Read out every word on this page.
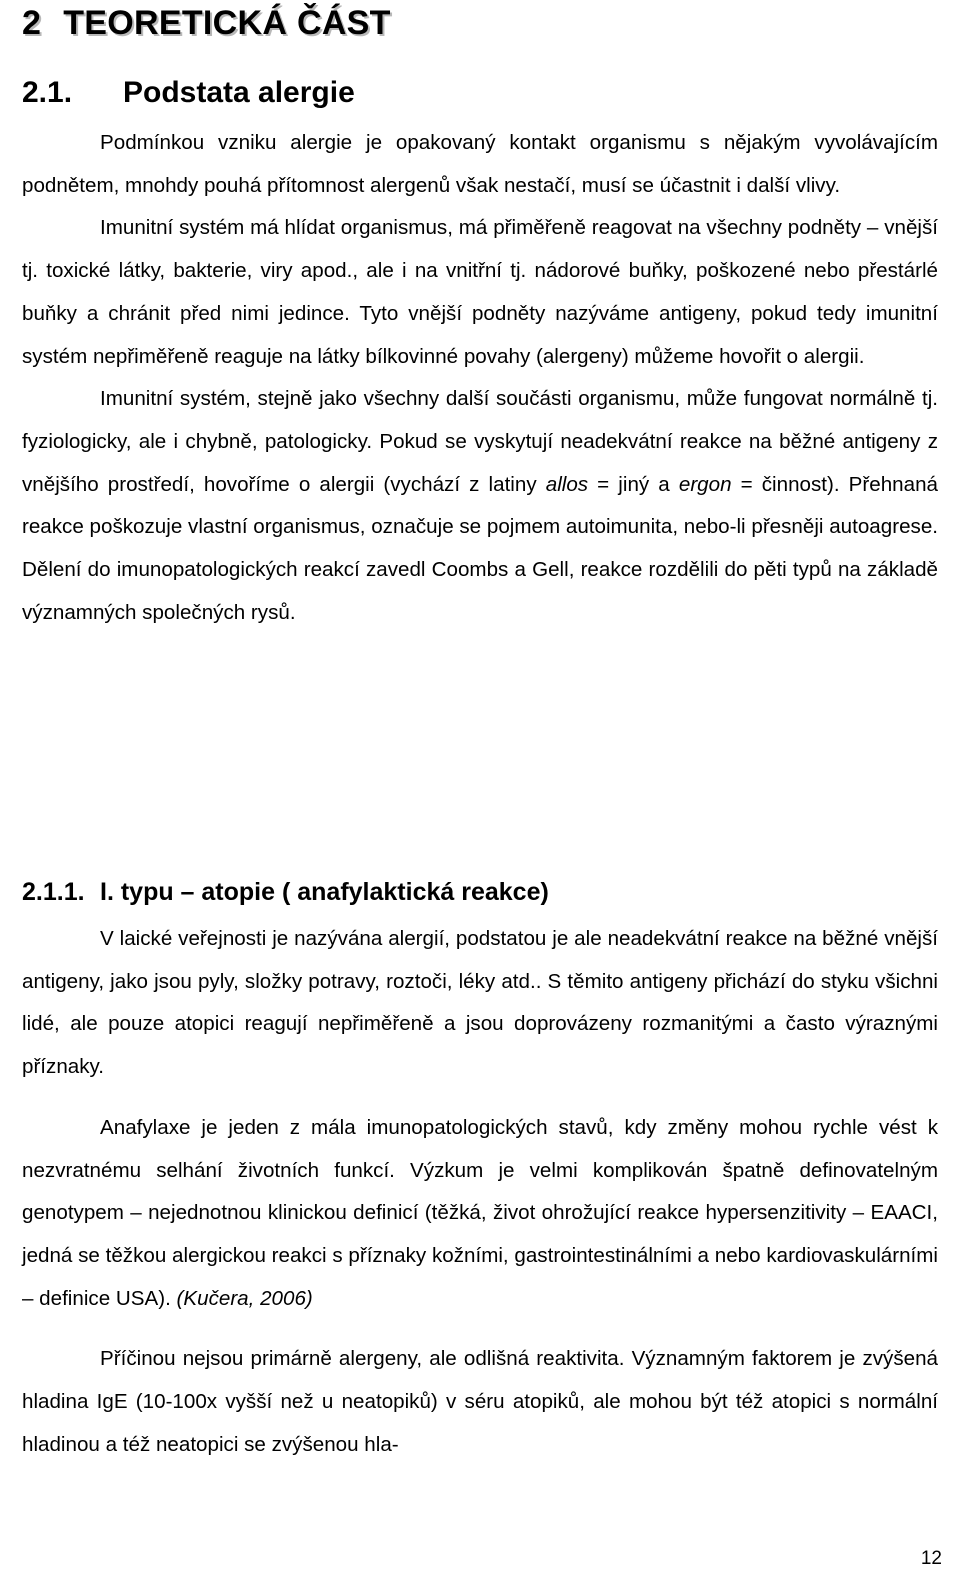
2 TEORETICKÁ ČÁST
2.1. Podstata alergie

Podmínkou vzniku alergie je opakovaný kontakt organismu s nějakým vyvolávajícím podnětem, mnohdy pouhá přítomnost alergenů však nestačí, musí se účastnit i další vlivy.

Imunitní systém má hlídat organismus, má přiměřeně reagovat na všechny podněty – vnější tj. toxické látky, bakterie, viry apod., ale i na vnitřní tj. nádorové buňky, poškozené nebo přestárlé buňky a chránit před nimi jedince. Tyto vnější podněty nazýváme antigeny, pokud tedy imunitní systém nepřiměřeně reaguje na látky bílkovinné povahy (alergeny) můžeme hovořit o alergii.

Imunitní systém, stejně jako všechny další součásti organismu, může fungovat normálně tj. fyziologicky, ale i chybně, patologicky. Pokud se vyskytují neadekvátní reakce na běžné antigeny z vnějšího prostředí, hovoříme o alergii (vychází z latiny allos = jiný a ergon = činnost). Přehnaná reakce poškozuje vlastní organismus, označuje se pojmem autoimunita, nebo-li přesněji autoagrese. Dělení do imunopatologických reakcí zavedl Coombs a Gell, reakce rozdělili do pěti typů na základě významných společných rysů.

2.1.1. I. typu – atopie ( anafylaktická reakce)

V laické veřejnosti je nazývána alergií, podstatou je ale neadekvátní reakce na běžné vnější antigeny, jako jsou pyly, složky potravy, roztoči, léky atd.. S těmito antigeny přichází do styku všichni lidé, ale pouze atopici reagují nepřiměřeně a jsou doprovázeny rozmanitými a často výraznými příznaky.

Anafylaxe je jeden z mála imunopatologických stavů, kdy změny mohou rychle vést k nezvratnému selhání životních funkcí. Výzkum je velmi komplikován špatně definovatelným genotypem – nejednotnou klinickou definicí (těžká, život ohrožující reakce hypersenzitivity – EAACI, jedná se těžkou alergickou reakci s příznaky kožními, gastrointestinálními a nebo kardiovaskulárními – definice USA). (Kučera, 2006)

Příčinou nejsou primárně alergeny, ale odlišná reaktivita. Významným faktorem je zvýšená hladina IgE (10-100x vyšší než u neatopiků) v séru atopiků, ale mohou být též atopici s normální hladinou a též neatopici se zvýšenou hla-

12
